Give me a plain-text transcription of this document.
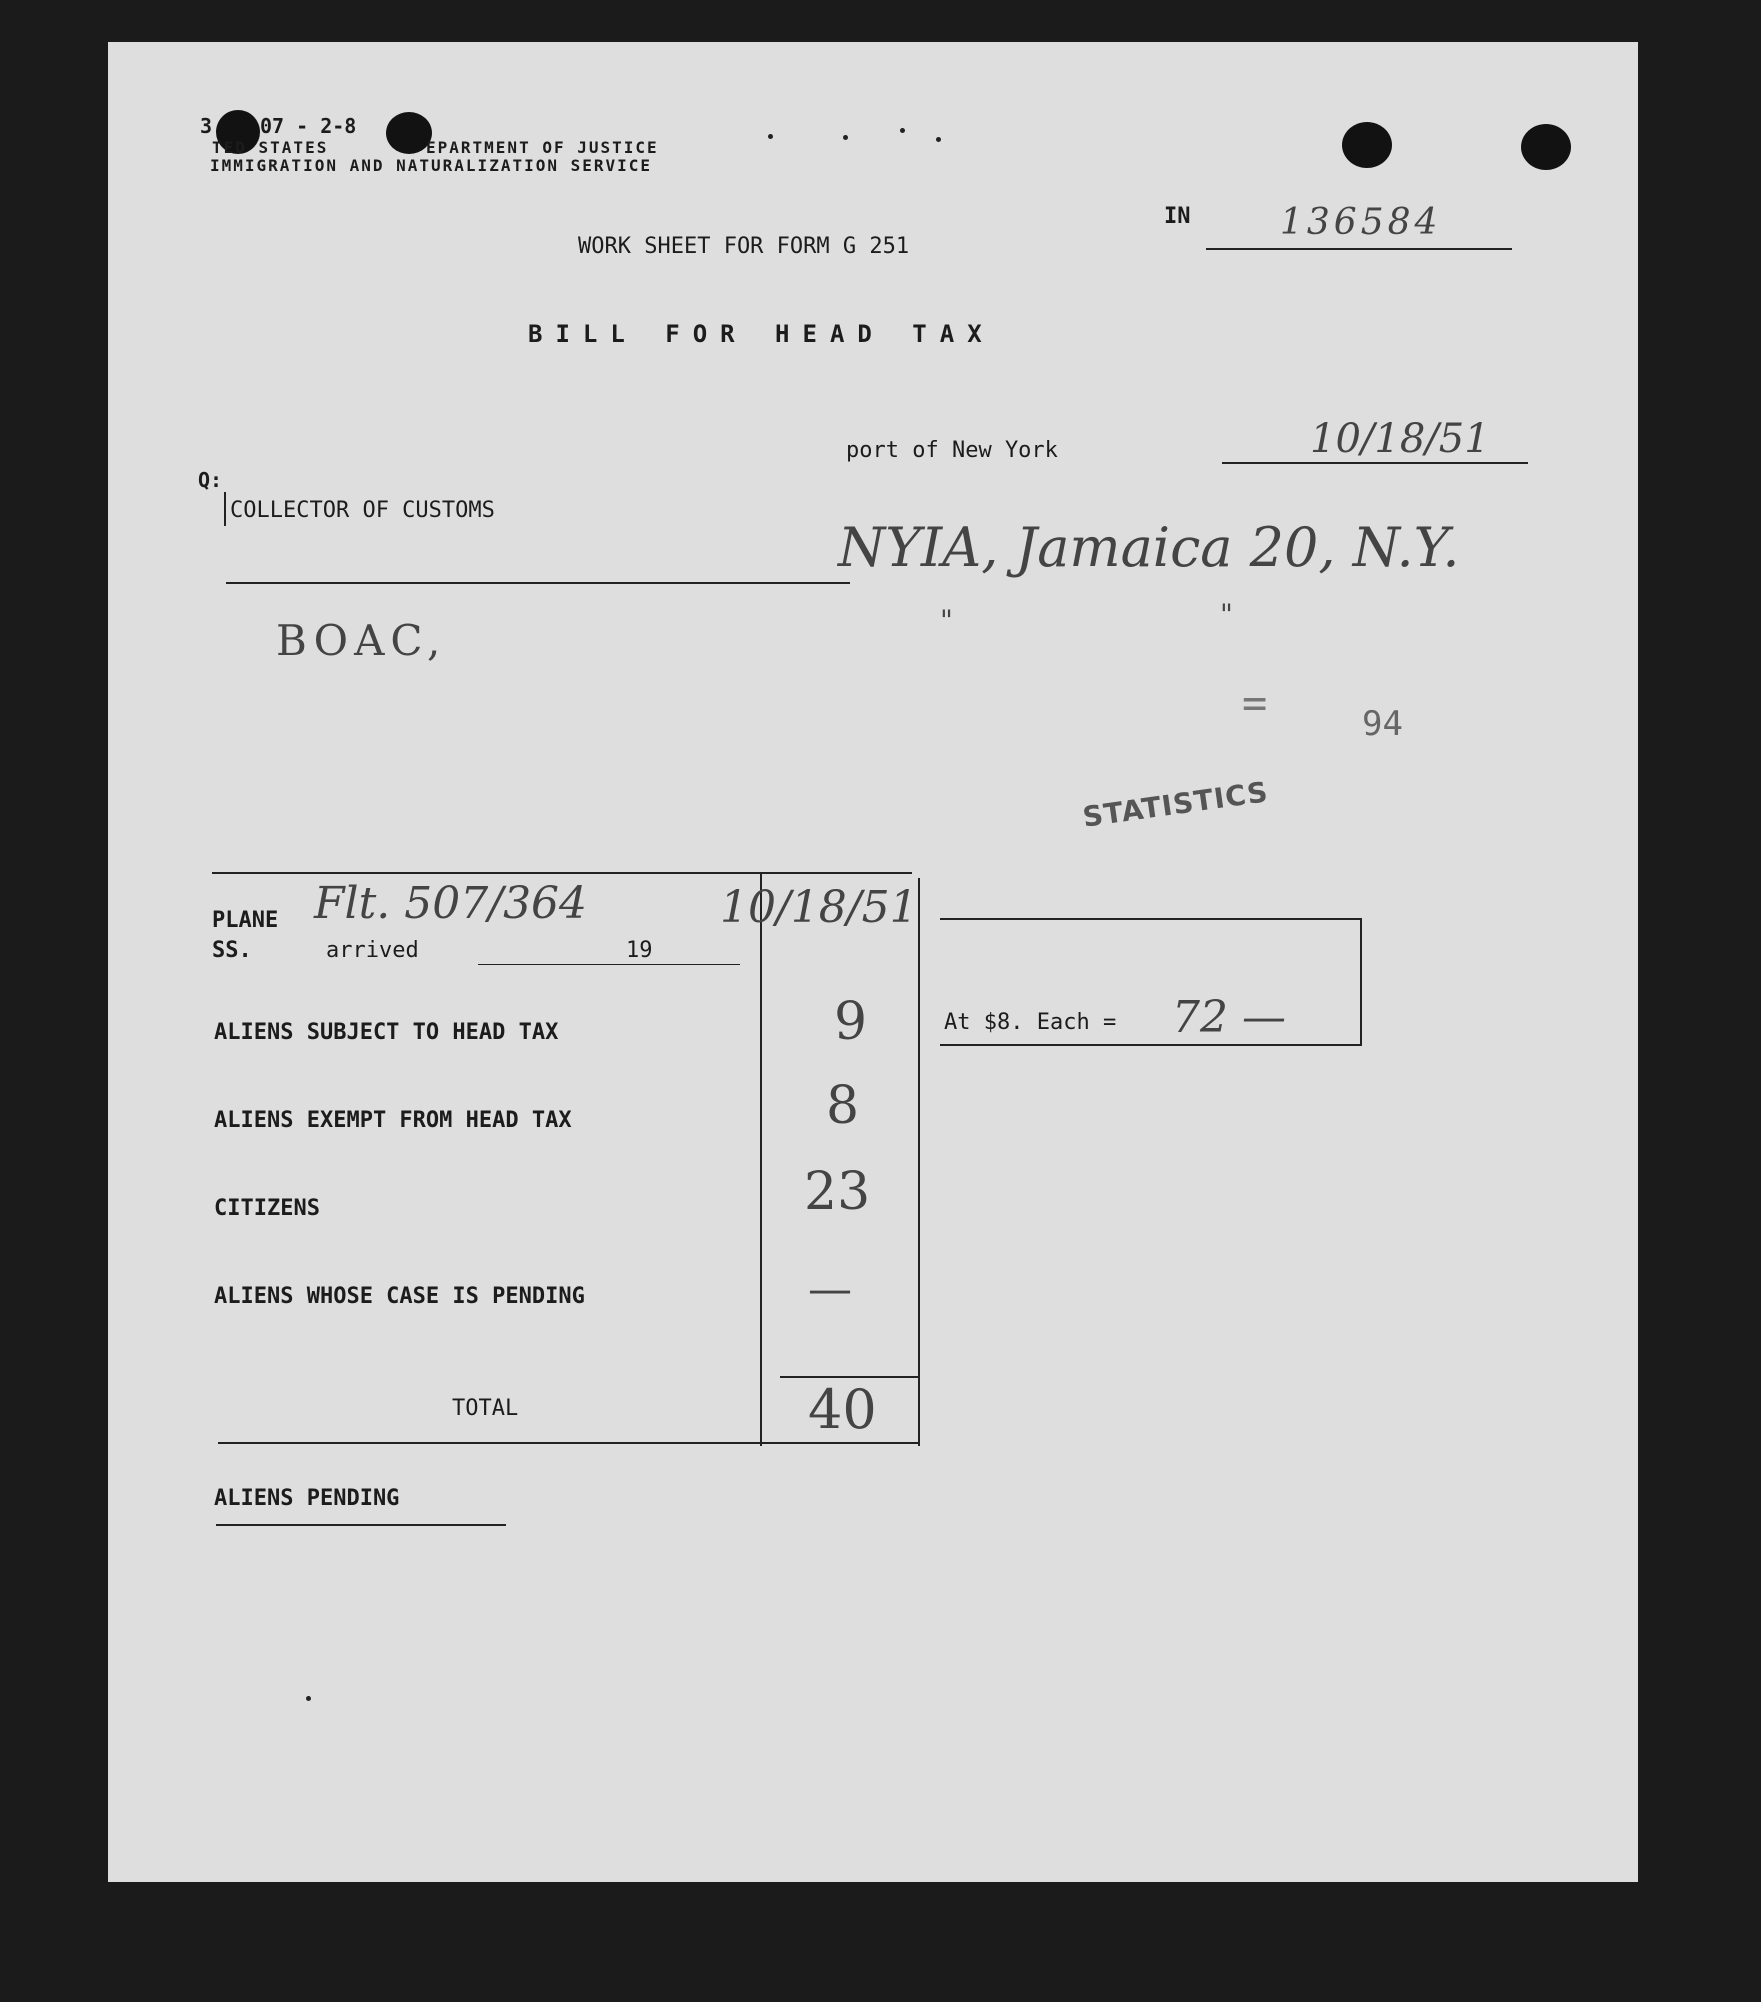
3 07 - 2-8
TED STATES	EPARTMENT OF JUSTICE
IMMIGRATION AND NATURALIZATION SERVICE
IN 136584
WORK SHEET FOR FORM G 251
BILL FOR HEAD TAX
port of New York	10/18/51
Q:
COLLECTOR OF CUSTOMS
NYIA, Jamaica 20, N.Y.
"	"
BOAC,
=	94
STATISTICS
PLANE
SS.	arrived
Flt. 507/364	10/18/51
19
ALIENS SUBJECT TO HEAD TAX	9
ALIENS EXEMPT FROM HEAD TAX	8
CITIZENS	23
ALIENS WHOSE CASE IS PENDING	—
TOTAL	40
At $8. Each = 72 —
ALIENS PENDING
